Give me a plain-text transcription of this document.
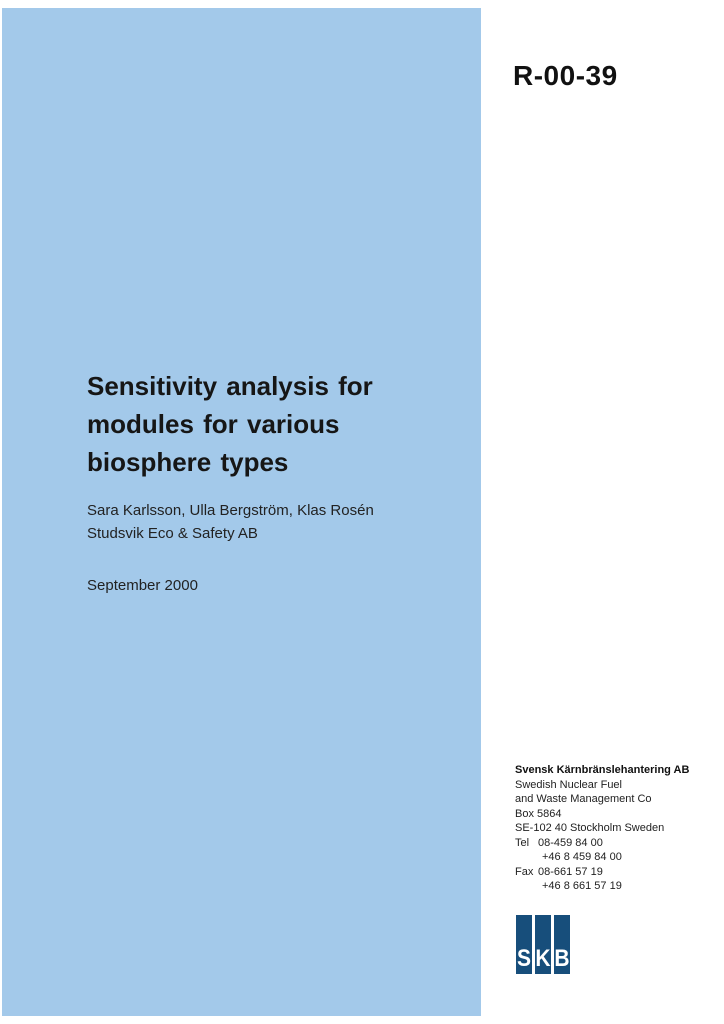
R-00-39
Sensitivity analysis for
modules for various
biosphere types
Sara Karlsson, Ulla Bergström, Klas Rosén
Studsvik Eco & Safety AB
September 2000
Svensk Kärnbränslehantering AB
Swedish Nuclear Fuel
and Waste Management Co
Box 5864
SE-102 40 Stockholm Sweden
Tel 08-459 84 00
+46 8 459 84 00
Fax 08-661 57 19
+46 8 661 57 19
S K B
